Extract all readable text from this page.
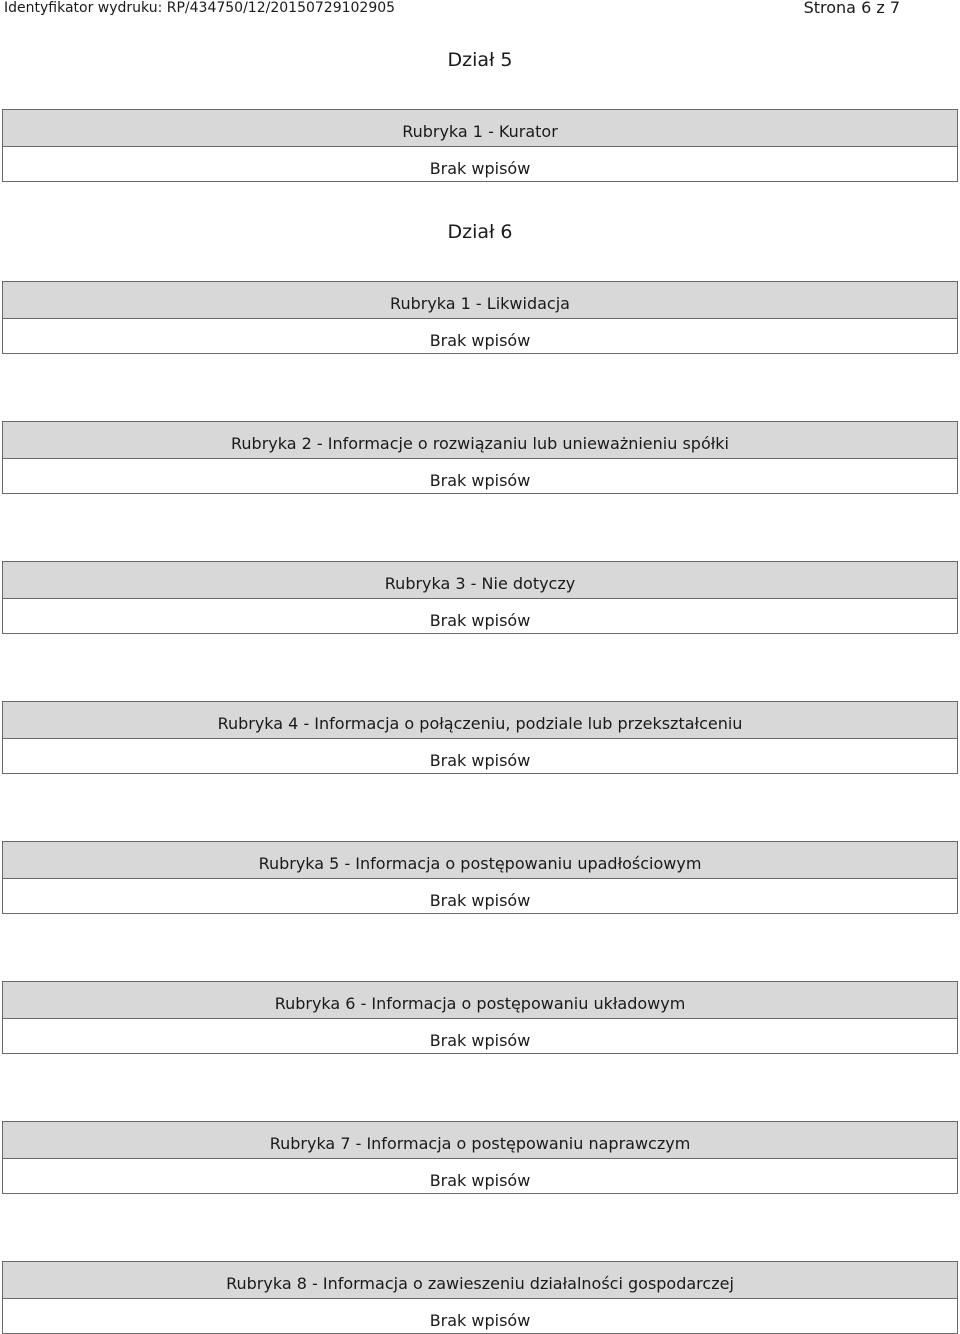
Identyfikator wydruku: RP/434750/12/20150729102905	Strona 6 z 7
Dział 5
Rubryka 1 - Kurator
Brak wpisów
Dział 6
Rubryka 1 - Likwidacja
Brak wpisów
Rubryka 2 - Informacje o rozwiązaniu lub unieważnieniu spółki
Brak wpisów
Rubryka 3 - Nie dotyczy
Brak wpisów
Rubryka 4 - Informacja o połączeniu, podziale lub przekształceniu
Brak wpisów
Rubryka 5 - Informacja o postępowaniu upadłościowym
Brak wpisów
Rubryka 6 - Informacja o postępowaniu układowym
Brak wpisów
Rubryka 7 - Informacja o postępowaniu naprawczym
Brak wpisów
Rubryka 8 - Informacja o zawieszeniu działalności gospodarczej
Brak wpisów
